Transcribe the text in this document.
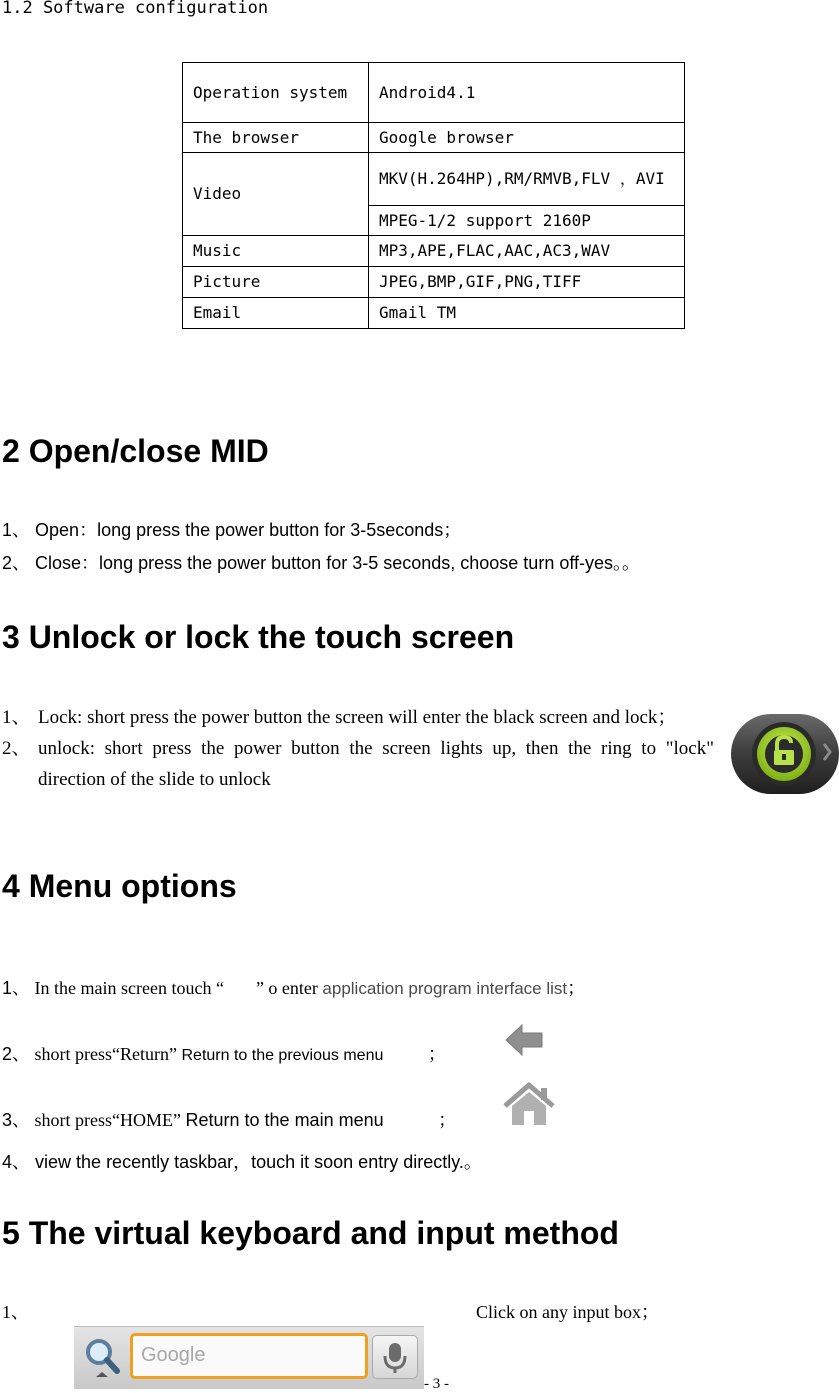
1.2 Software configuration
Operation system	Android4.1
The browser	Google browser
Video	MKV(H.264HP),RM/RMVB,FLV ，AVI
	MPEG-1/2 support 2160P
Music	MP3,APE,FLAC,AAC,AC3,WAV
Picture	JPEG,BMP,GIF,PNG,TIFF
Email	Gmail TM
2 Open/close MID
1、 Open：long press the power button for 3-5seconds；
2、 Close：long press the power button for 3-5 seconds, choose turn off-yes。。
3 Unlock or lock the touch screen
1、 Lock: short press the power button the screen will enter the black screen and lock；
2、 unlock: short press the power button the screen lights up, then the ring to "lock" direction of the slide to unlock
4 Menu options
1、 In the main screen touch “ ” o enter application program interface list；
2、 short press“Return” Return to the previous menu ；
3、 short press“HOME” Return to the main menu	；
4、 view the recently taskbar，touch it soon entry directly.。
5 The virtual keyboard and input method
1、	Click on any input box；
Google
- 3 -
